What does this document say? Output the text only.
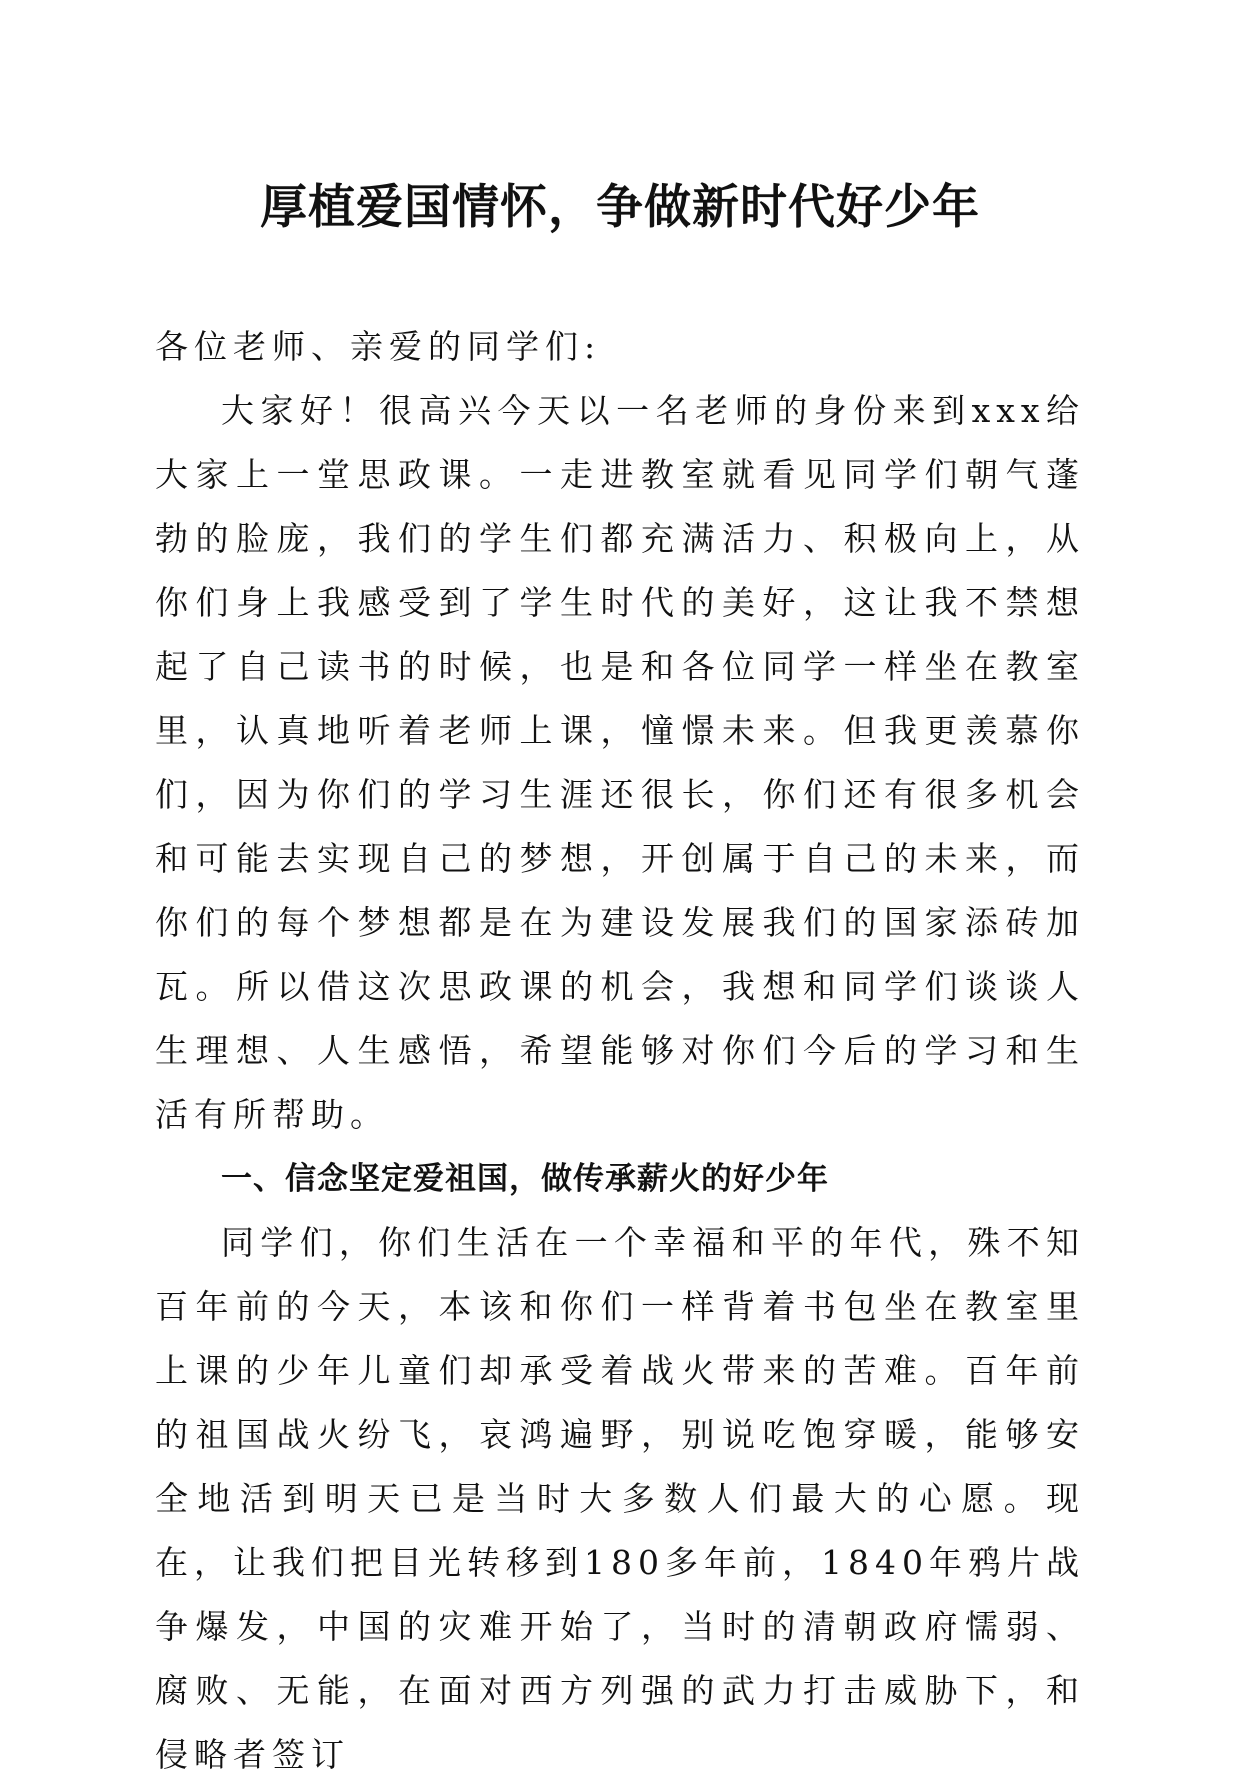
厚植爱国情怀，争做新时代好少年

各位老师、亲爱的同学们:

大家好！很高兴今天以一名老师的身份来到xxx给大家上一堂思政课。一走进教室就看见同学们朝气蓬勃的脸庞，我们的学生们都充满活力、积极向上，从你们身上我感受到了学生时代的美好，这让我不禁想起了自己读书的时候，也是和各位同学一样坐在教室里，认真地听着老师上课，憧憬未来。但我更羡慕你们，因为你们的学习生涯还很长，你们还有很多机会和可能去实现自己的梦想，开创属于自己的未来，而你们的每个梦想都是在为建设发展我们的国家添砖加瓦。所以借这次思政课的机会，我想和同学们谈谈人生理想、人生感悟，希望能够对你们今后的学习和生活有所帮助。

一、信念坚定爱祖国，做传承薪火的好少年

同学们，你们生活在一个幸福和平的年代，殊不知百年前的今天，本该和你们一样背着书包坐在教室里上课的少年儿童们却承受着战火带来的苦难。百年前的祖国战火纷飞，哀鸿遍野，别说吃饱穿暖，能够安全地活到明天已是当时大多数人们最大的心愿。现在，让我们把目光转移到180多年前，1840年鸦片战争爆发，中国的灾难开始了，当时的清朝政府懦弱、腐败、无能，在面对西方列强的武力打击威胁下，和侵略者签订
